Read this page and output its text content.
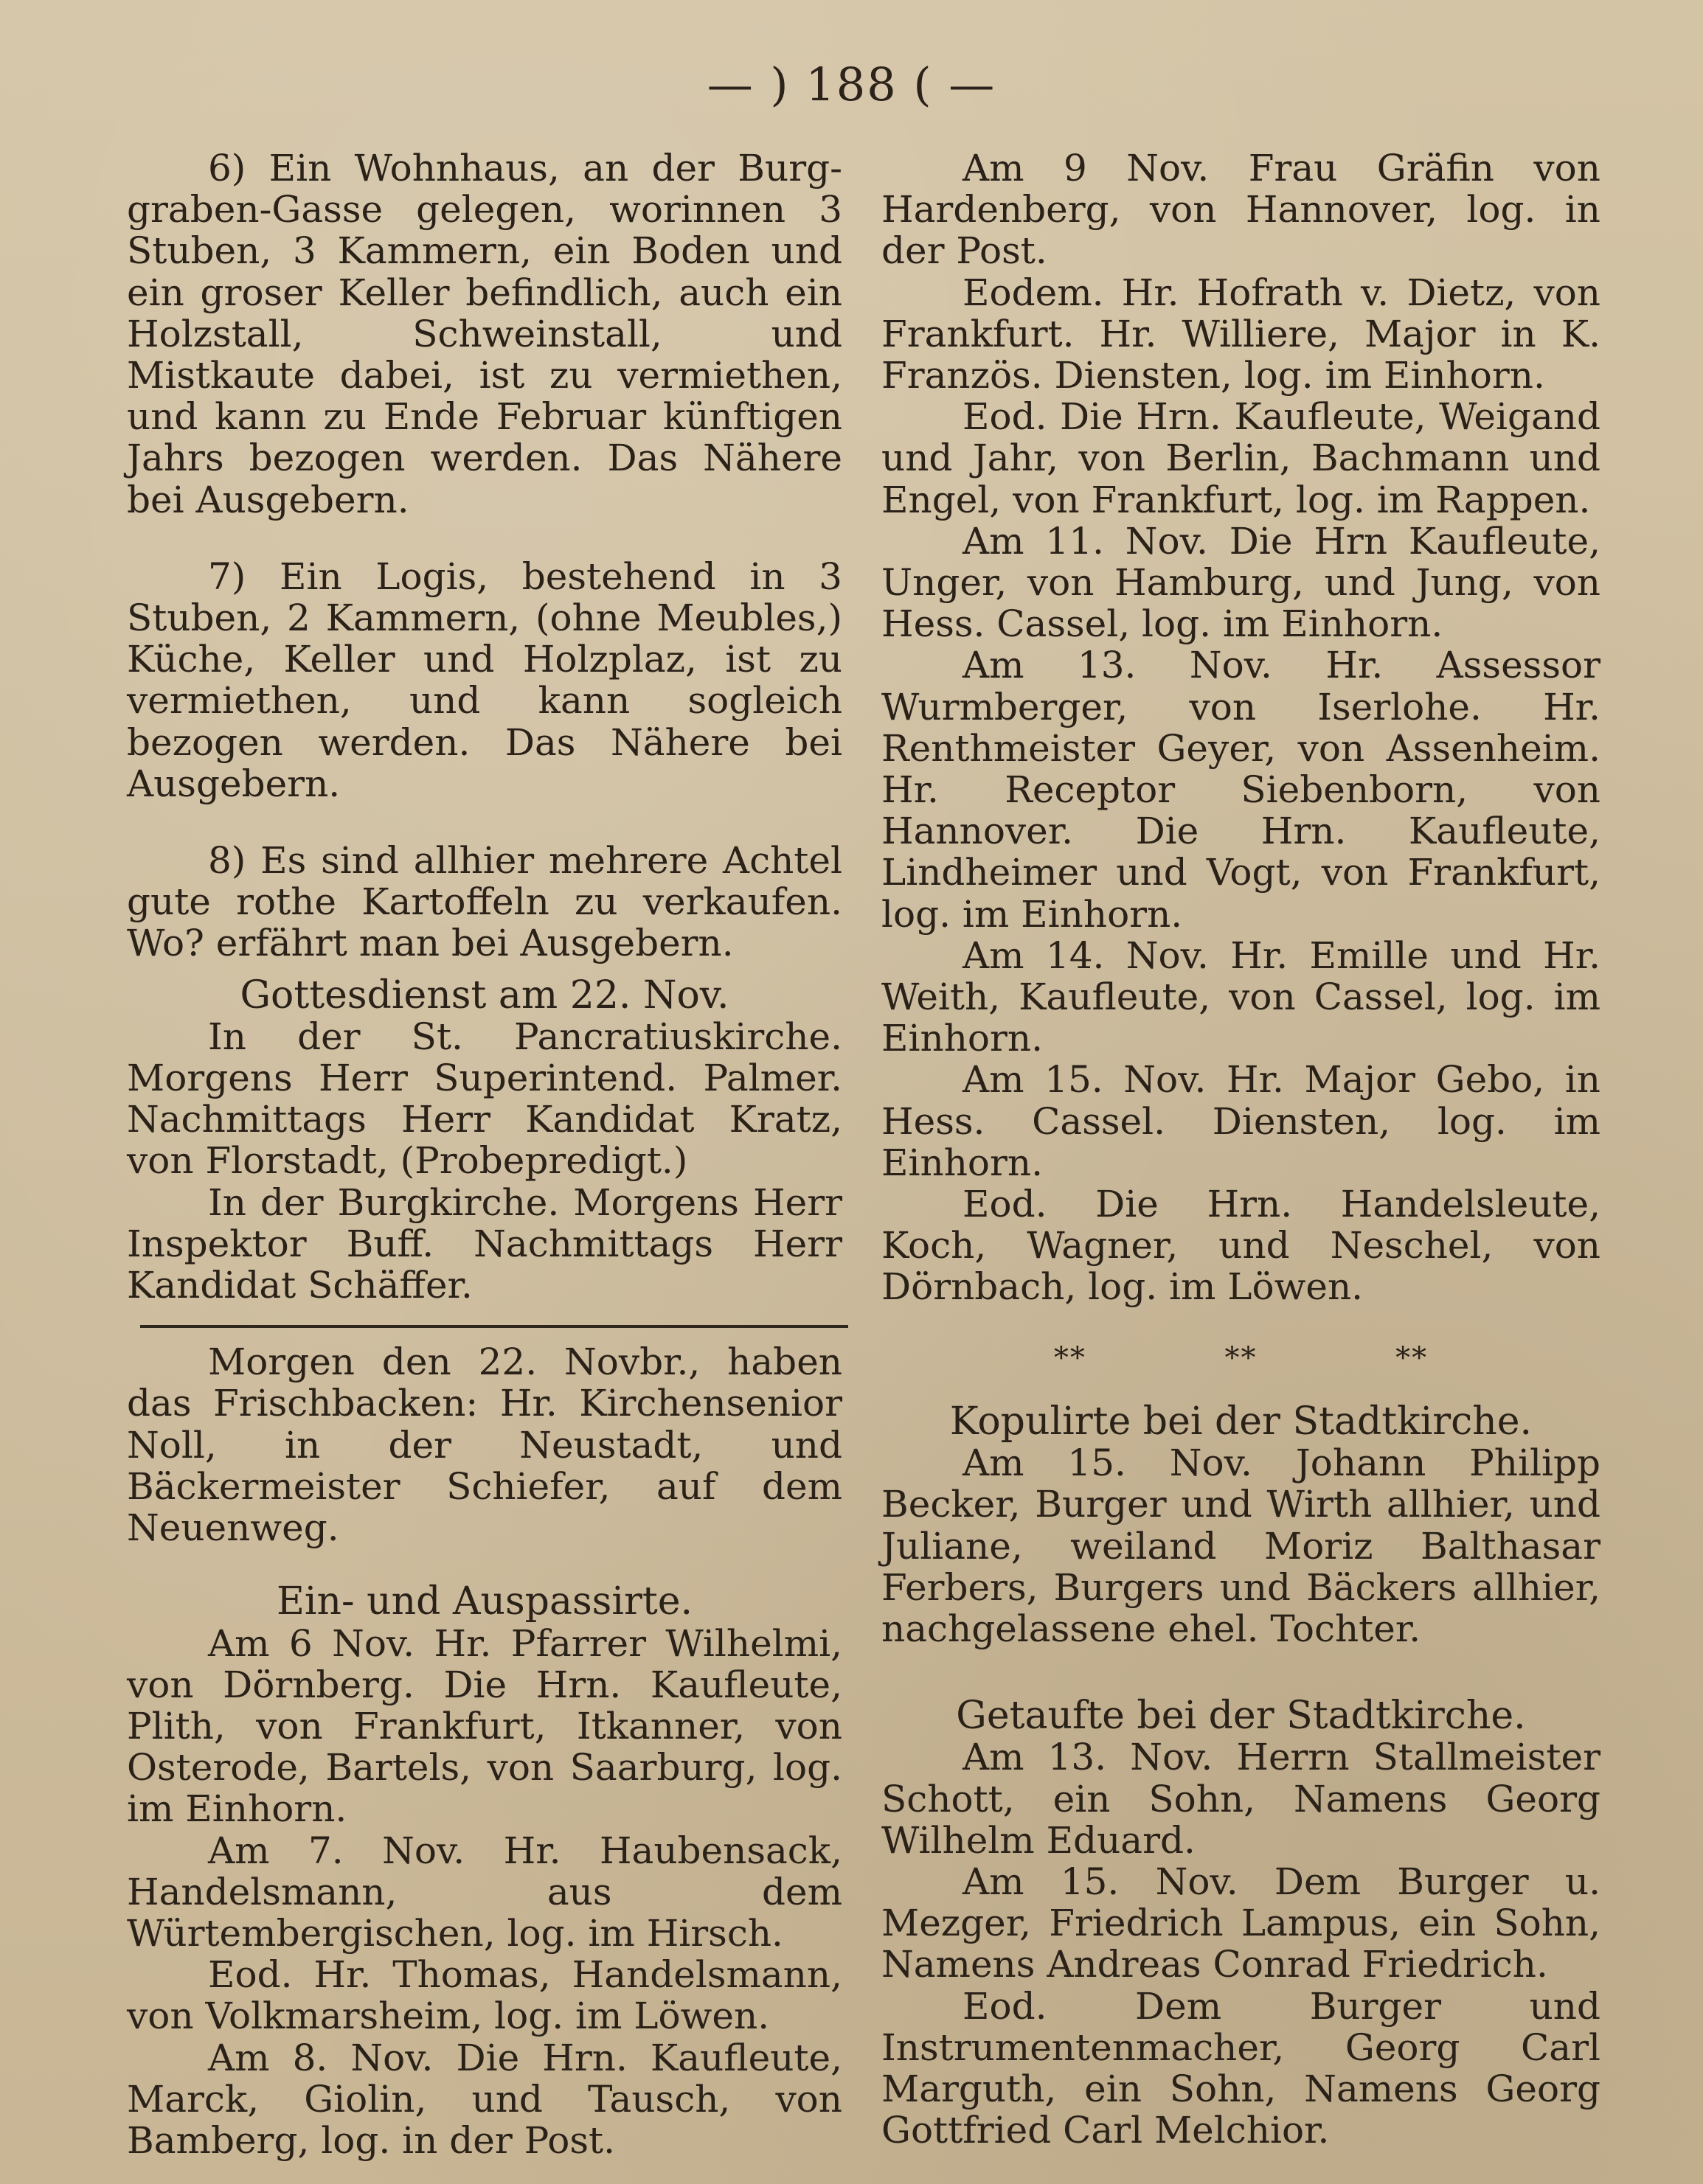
— ) 188 ( —

6) Ein Wohnhaus, an der Burg-graben-Gasse gelegen, worinnen 3 Stuben, 3 Kammern, ein Boden und ein groser Keller befindlich, auch ein Holzstall, Schweinstall, und Mistkaute dabei, ist zu vermiethen, und kann zu Ende Februar künftigen Jahrs bezogen werden. Das Nähere bei Ausgebern.

7) Ein Logis, bestehend in 3 Stuben, 2 Kammern, (ohne Meubles,) Küche, Keller und Holzplaz, ist zu vermiethen, und kann sogleich bezogen werden. Das Nähere bei Ausgebern.

8) Es sind allhier mehrere Achtel gute rothe Kartoffeln zu verkaufen. Wo? erfährt man bei Ausgebern.

Gottesdienst am 22. Nov.

In der St. Pancratiuskirche. Morgens Herr Superintend. Palmer. Nachmittags Herr Kandidat Kratz, von Florstadt, (Probepredigt.)

In der Burgkirche. Morgens Herr Inspektor Buff. Nachmittags Herr Kandidat Schäffer.

Morgen den 22. Novbr., haben das Frischbacken: Hr. Kirchensenior Noll, in der Neustadt, und Bäckermeister Schiefer, auf dem Neuenweg.

Ein- und Auspassirte.

Am 6 Nov. Hr. Pfarrer Wilhelmi, von Dörnberg. Die Hrn. Kaufleute, Plith, von Frankfurt, Itkanner, von Osterode, Bartels, von Saarburg, log. im Einhorn.

Am 7. Nov. Hr. Haubensack, Handelsmann, aus dem Würtembergischen, log. im Hirsch.

Eod. Hr. Thomas, Handelsmann, von Volkmarsheim, log. im Löwen.

Am 8. Nov. Die Hrn. Kaufleute, Marck, Giolin, und Tausch, von Bamberg, log. in der Post.

Am 9 Nov. Frau Gräfin von Hardenberg, von Hannover, log. in der Post.

Eodem. Hr. Hofrath v. Dietz, von Frankfurt. Hr. Williere, Major in K. Französ. Diensten, log. im Einhorn.

Eod. Die Hrn. Kaufleute, Weigand und Jahr, von Berlin, Bachmann und Engel, von Frankfurt, log. im Rappen.

Am 11. Nov. Die Hrn Kaufleute, Unger, von Hamburg, und Jung, von Hess. Cassel, log. im Einhorn.

Am 13. Nov. Hr. Assessor Wurmberger, von Iserlohe. Hr. Renthmeister Geyer, von Assenheim. Hr. Receptor Siebenborn, von Hannover. Die Hrn. Kaufleute, Lindheimer und Vogt, von Frankfurt, log. im Einhorn.

Am 14. Nov. Hr. Emille und Hr. Weith, Kaufleute, von Cassel, log. im Einhorn.

Am 15. Nov. Hr. Major Gebo, in Hess. Cassel. Diensten, log. im Einhorn.

Eod. Die Hrn. Handelsleute, Koch, Wagner, und Neschel, von Dörnbach, log. im Löwen.

**	**	**
Kopulirte bei der Stadtkirche.

Am 15. Nov. Johann Philipp Becker, Burger und Wirth allhier, und Juliane, weiland Moriz Balthasar Ferbers, Burgers und Bäckers allhier, nachgelassene ehel. Tochter.

Getaufte bei der Stadtkirche.

Am 13. Nov. Herrn Stallmeister Schott, ein Sohn, Namens Georg Wilhelm Eduard.

Am 15. Nov. Dem Burger u. Mezger, Friedrich Lampus, ein Sohn, Namens Andreas Conrad Friedrich.

Eod. Dem Burger und Instrumentenmacher, Georg Carl Marguth, ein Sohn, Namens Georg Gottfried Carl Melchior.
